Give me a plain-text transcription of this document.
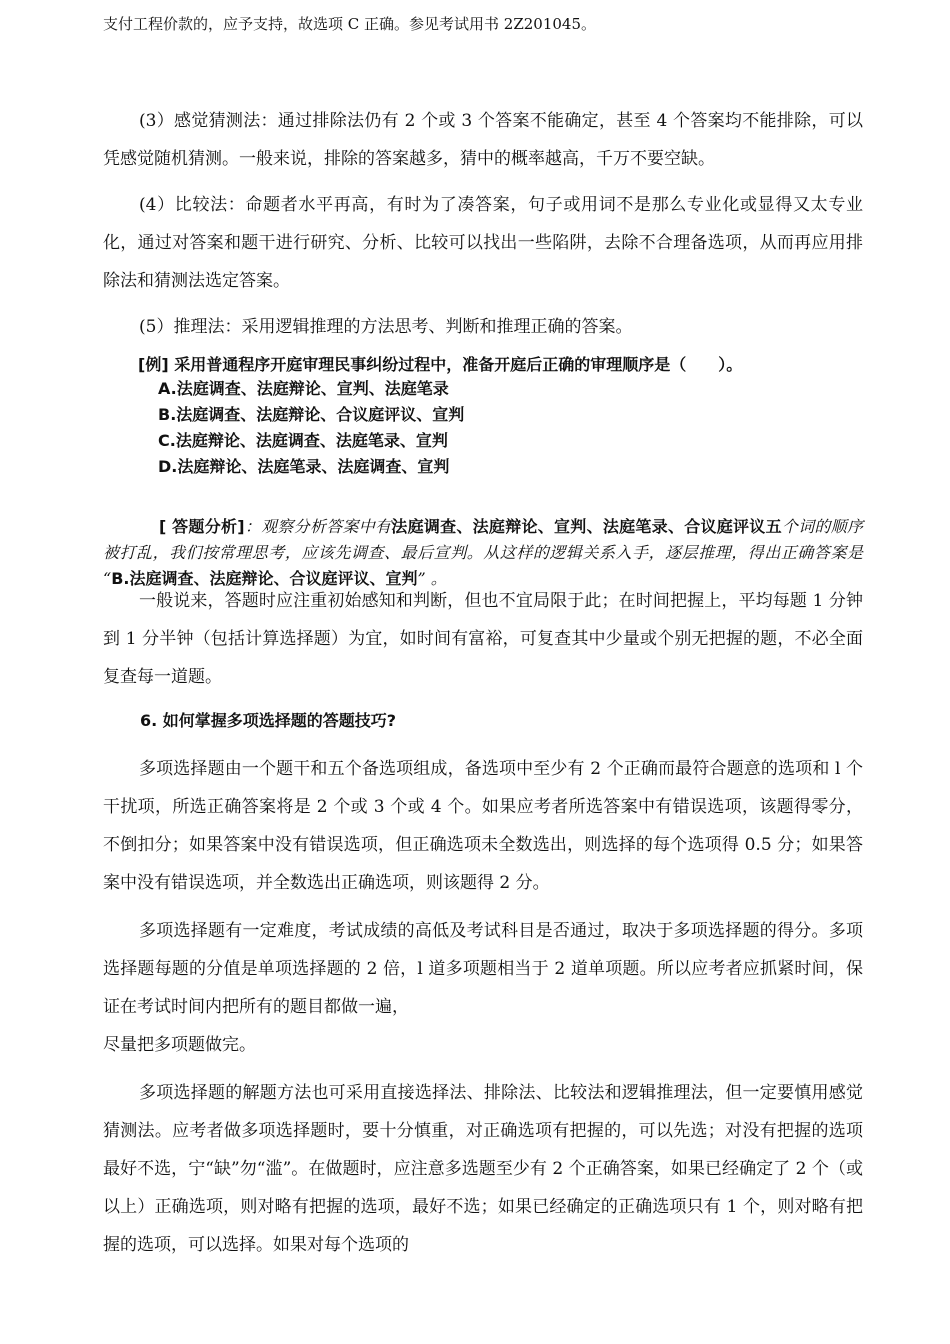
支付工程价款的，应予支持，故选项 C 正确。参见考试用书 2Z201045。

(3）感觉猜测法：通过排除法仍有 2 个或 3 个答案不能确定，甚至 4 个答案均不能排除，可以凭感觉随机猜测。一般来说，排除的答案越多，猜中的概率越高，千万不要空缺。

(4）比较法：命题者水平再高，有时为了凑答案，句子或用词不是那么专业化或显得又太专业化，通过对答案和题干进行研究、分析、比较可以找出一些陷阱，去除不合理备选项，从而再应用排除法和猜测法选定答案。

(5）推理法：采用逻辑推理的方法思考、判断和推理正确的答案。

[例] 采用普通程序开庭审理民事纠纷过程中，准备开庭后正确的审理顺序是（　　）。
A.法庭调查、法庭辩论、宣判、法庭笔录
B.法庭调查、法庭辩论、合议庭评议、宣判
C.法庭辩论、法庭调查、法庭笔录、宣判
D.法庭辩论、法庭笔录、法庭调查、宣判

[ 答题分析]：观察分析答案中有法庭调查、法庭辩论、宣判、法庭笔录、合议庭评议五个词的顺序被打乱，我们按常理思考，应该先调查、最后宣判。从这样的逻辑关系入手，逐层推理，得出正确答案是 “B.法庭调查、法庭辩论、合议庭评议、宣判” 。

一般说来，答题时应注重初始感知和判断，但也不宜局限于此；在时间把握上，平均每题 1 分钟到 1 分半钟（包括计算选择题）为宜，如时间有富裕，可复查其中少量或个别无把握的题，不必全面复查每一道题。

6. 如何掌握多项选择题的答题技巧?

多项选择题由一个题干和五个备选项组成，备选项中至少有 2 个正确而最符合题意的选项和 l 个干扰项，所选正确答案将是 2 个或 3 个或 4 个。如果应考者所选答案中有错误选项，该题得零分，不倒扣分；如果答案中没有错误选项，但正确选项未全数选出，则选择的每个选项得 0.5 分；如果答案中没有错误选项，并全数选出正确选项，则该题得 2 分。

多项选择题有一定难度，考试成绩的高低及考试科目是否通过，取决于多项选择题的得分。多项选择题每题的分值是单项选择题的 2 倍，l 道多项题相当于 2 道单项题。所以应考者应抓紧时间，保证在考试时间内把所有的题目都做一遍，

尽量把多项题做完。

多项选择题的解题方法也可采用直接选择法、排除法、比较法和逻辑推理法，但一定要慎用感觉猜测法。应考者做多项选择题时，要十分慎重，对正确选项有把握的，可以先选；对没有把握的选项最好不选，宁“缺”勿“滥”。在做题时，应注意多选题至少有 2 个正确答案，如果已经确定了 2 个（或以上）正确选项，则对略有把握的选项，最好不选；如果已经确定的正确选项只有 1 个，则对略有把握的选项，可以选择。如果对每个选项的
